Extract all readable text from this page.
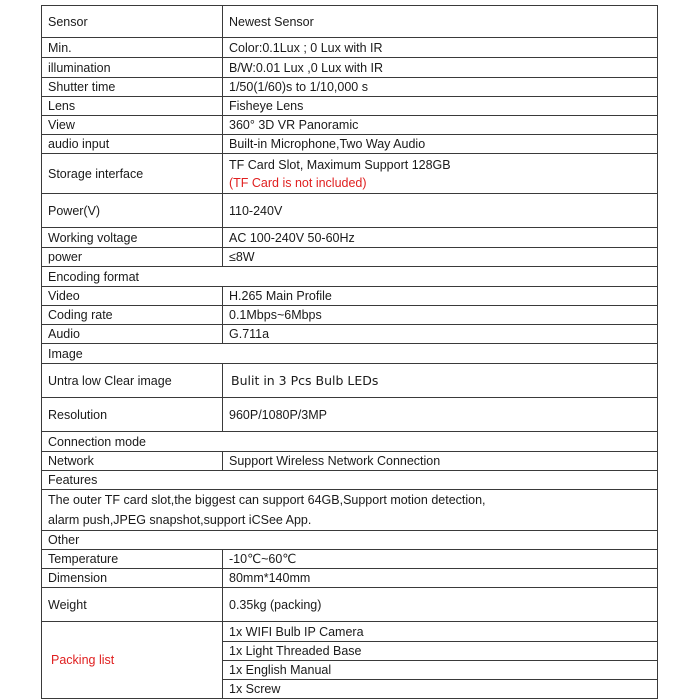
Sensor	Newest Sensor
Min.	Color:0.1Lux ; 0 Lux with IR
illumination	B/W:0.01 Lux ,0 Lux with IR
Shutter time	1/50(1/60)s to 1/10,000 s
Lens	Fisheye Lens
View	360° 3D VR Panoramic
audio input	Built-in Microphone,Two Way Audio
Storage interface	TF Card Slot, Maximum Support 128GB
(TF Card is not included)

Power(V)	110-240V
Working voltage	AC 100-240V 50-60Hz
power	≤8W
Encoding format	
Video	H.265 Main Profile
Coding rate	0.1Mbps~6Mbps
Audio	G.711a
Image	
Untra low Clear image	Bulit in 3 Pcs Bulb LEDs
Resolution	960P/1080P/3MP
Connection mode	
Network	Support Wireless Network Connection
Features	

The outer TF card slot,the biggest can support 64GB,Support motion detection,
alarm push,JPEG snapshot,support iCSee App.	

Other	
Temperature	-10℃~60℃
Dimension	80mm*140mm
Weight	0.35kg (packing)
Packing list	1x WIFI Bulb IP Camera
	1x Light Threaded Base
	1x English Manual
	1x Screw
